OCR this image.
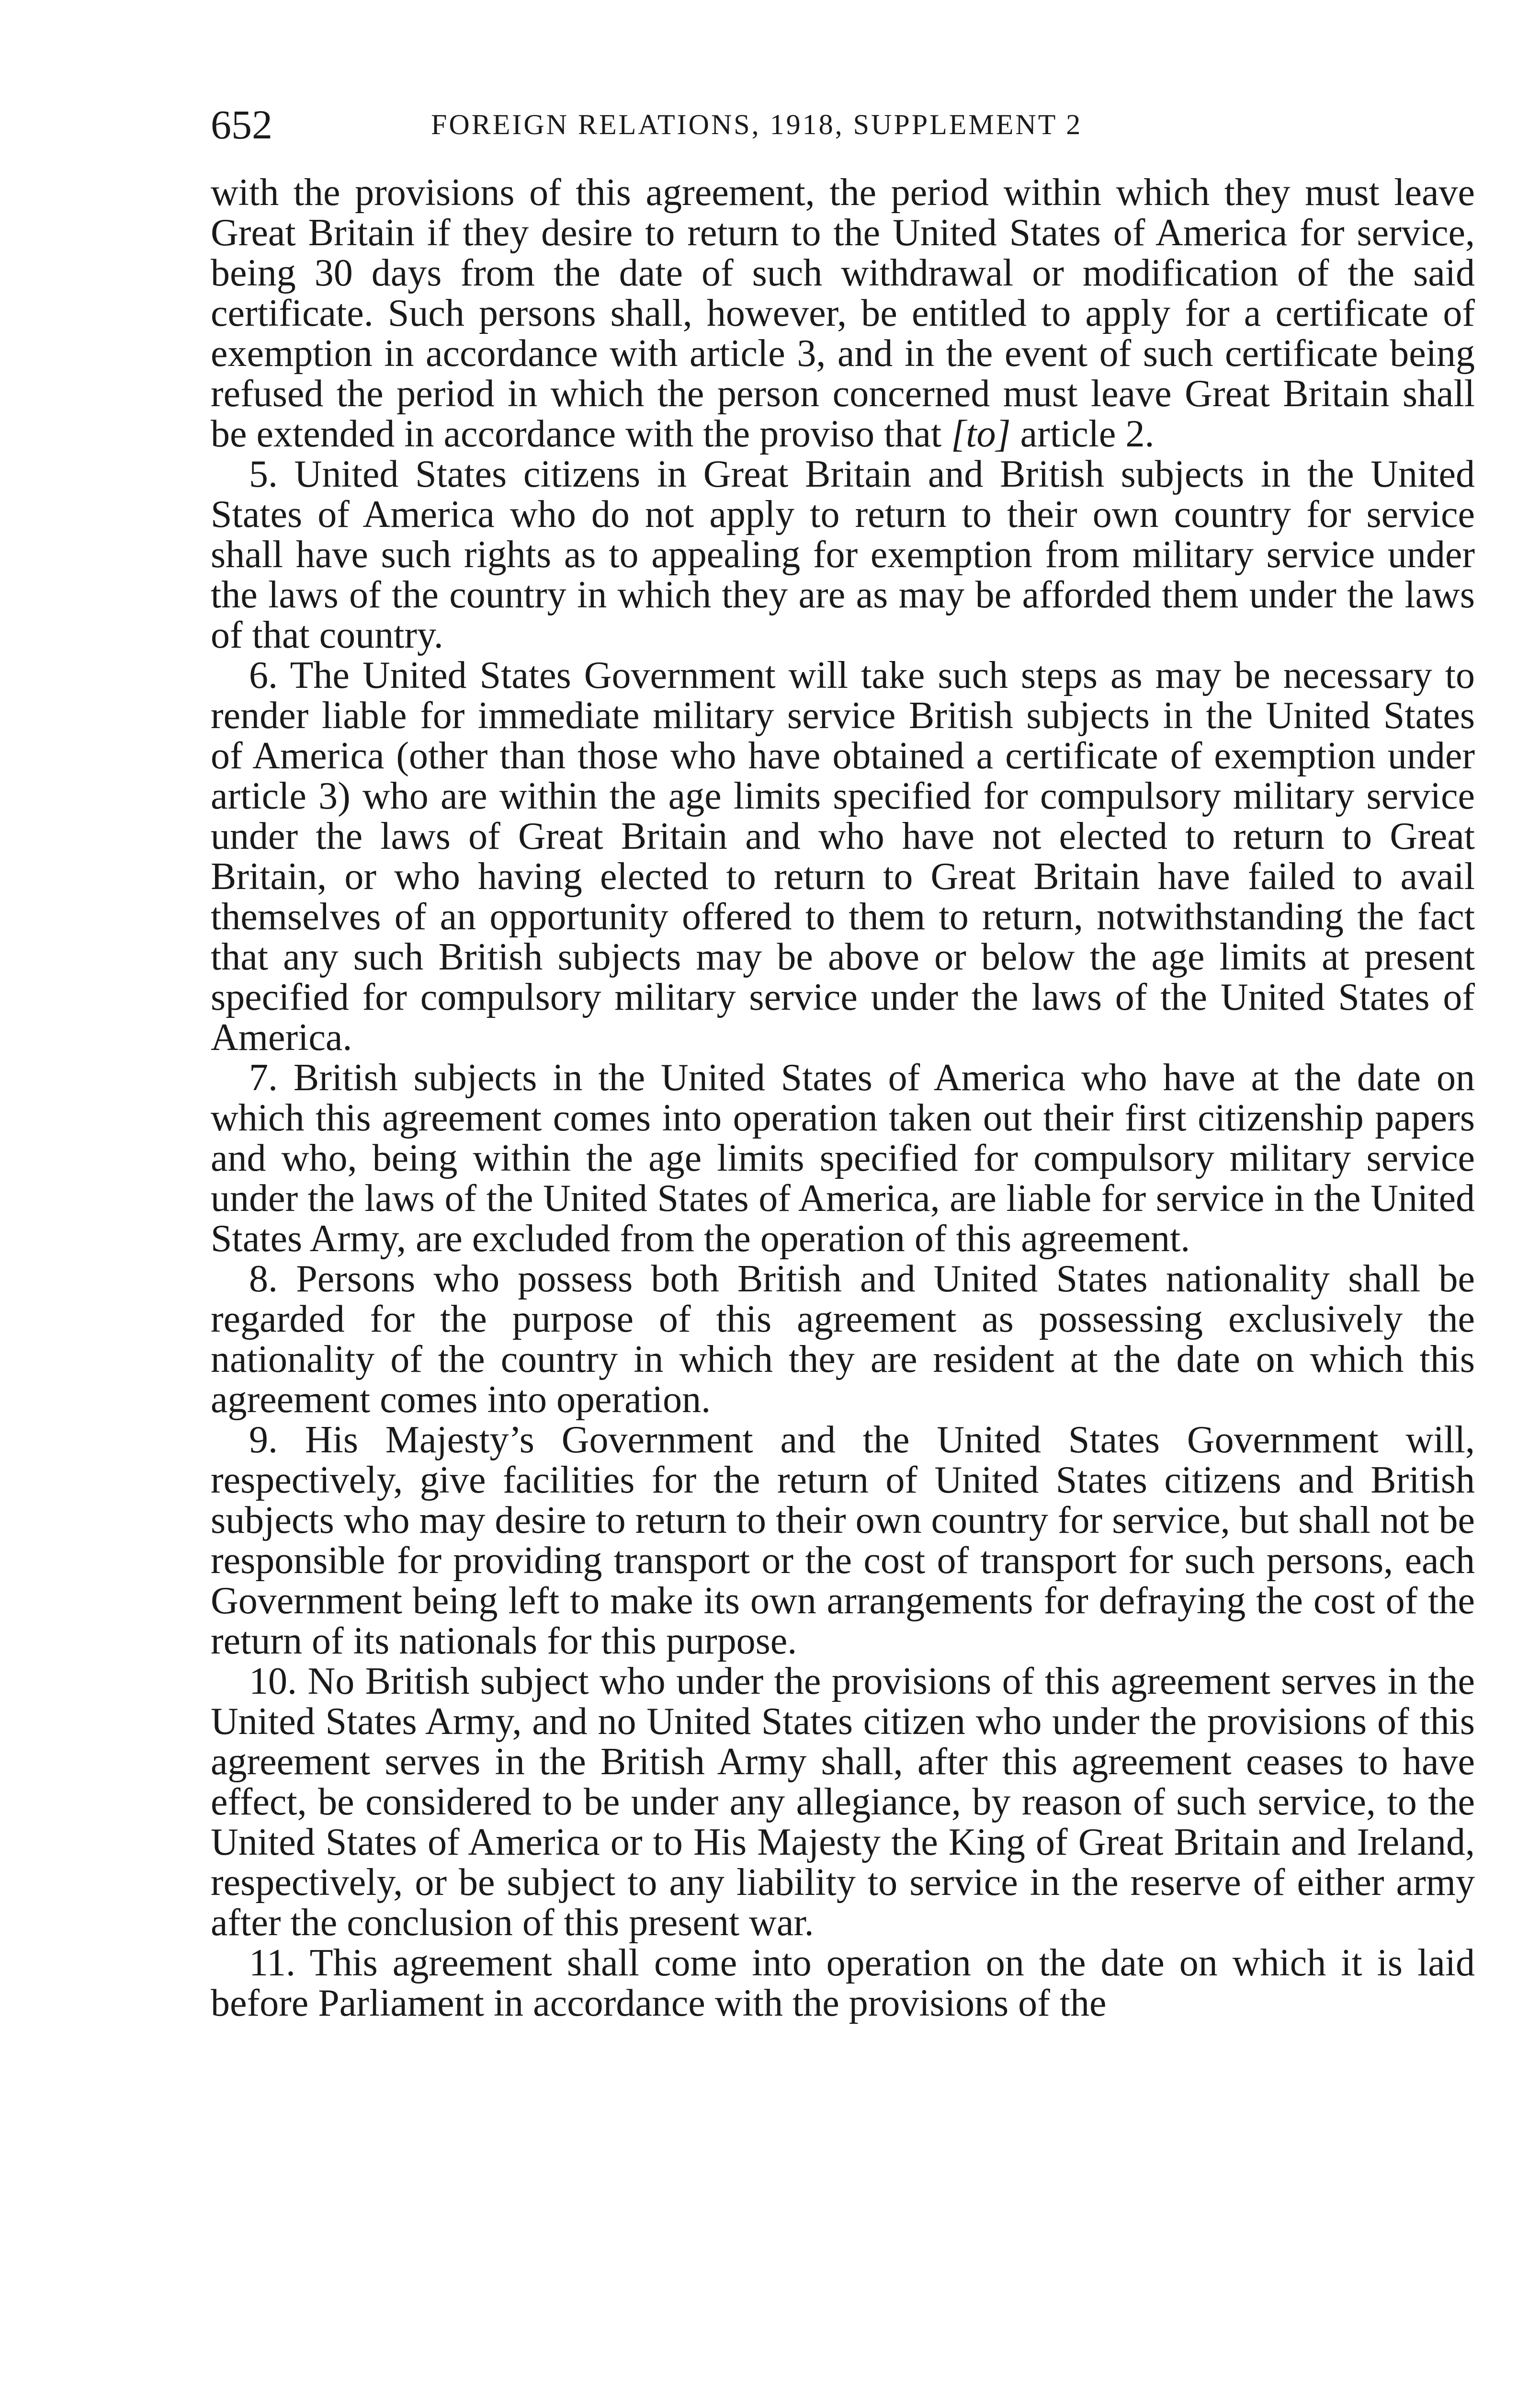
652	FOREIGN RELATIONS, 1918, SUPPLEMENT 2

with the provisions of this agreement, the period within which they must leave Great Britain if they desire to return to the United States of America for service, being 30 days from the date of such withdrawal or modification of the said certificate. Such persons shall, however, be entitled to apply for a certificate of exemption in accordance with article 3, and in the event of such certificate being refused the period in which the person concerned must leave Great Britain shall be extended in accordance with the proviso that [to] article 2.

5. United States citizens in Great Britain and British subjects in the United States of America who do not apply to return to their own country for service shall have such rights as to appealing for exemption from military service under the laws of the country in which they are as may be afforded them under the laws of that country.

6. The United States Government will take such steps as may be necessary to render liable for immediate military service British subjects in the United States of America (other than those who have obtained a certificate of exemption under article 3) who are within the age limits specified for compulsory military service under the laws of Great Britain and who have not elected to return to Great Britain, or who having elected to return to Great Britain have failed to avail themselves of an opportunity offered to them to return, notwithstanding the fact that any such British subjects may be above or below the age limits at present specified for compulsory military service under the laws of the United States of America.

7. British subjects in the United States of America who have at the date on which this agreement comes into operation taken out their first citizenship papers and who, being within the age limits specified for compulsory military service under the laws of the United States of America, are liable for service in the United States Army, are excluded from the operation of this agreement.

8. Persons who possess both British and United States nationality shall be regarded for the purpose of this agreement as possessing exclusively the nationality of the country in which they are resident at the date on which this agreement comes into operation.

9. His Majesty’s Government and the United States Government will, respectively, give facilities for the return of United States citizens and British subjects who may desire to return to their own country for service, but shall not be responsible for providing transport or the cost of transport for such persons, each Government being left to make its own arrangements for defraying the cost of the return of its nationals for this purpose.

10. No British subject who under the provisions of this agreement serves in the United States Army, and no United States citizen who under the provisions of this agreement serves in the British Army shall, after this agreement ceases to have effect, be considered to be under any allegiance, by reason of such service, to the United States of America or to His Majesty the King of Great Britain and Ireland, respectively, or be subject to any liability to service in the reserve of either army after the conclusion of this present war.

11. This agreement shall come into operation on the date on which it is laid before Parliament in accordance with the provisions of the
